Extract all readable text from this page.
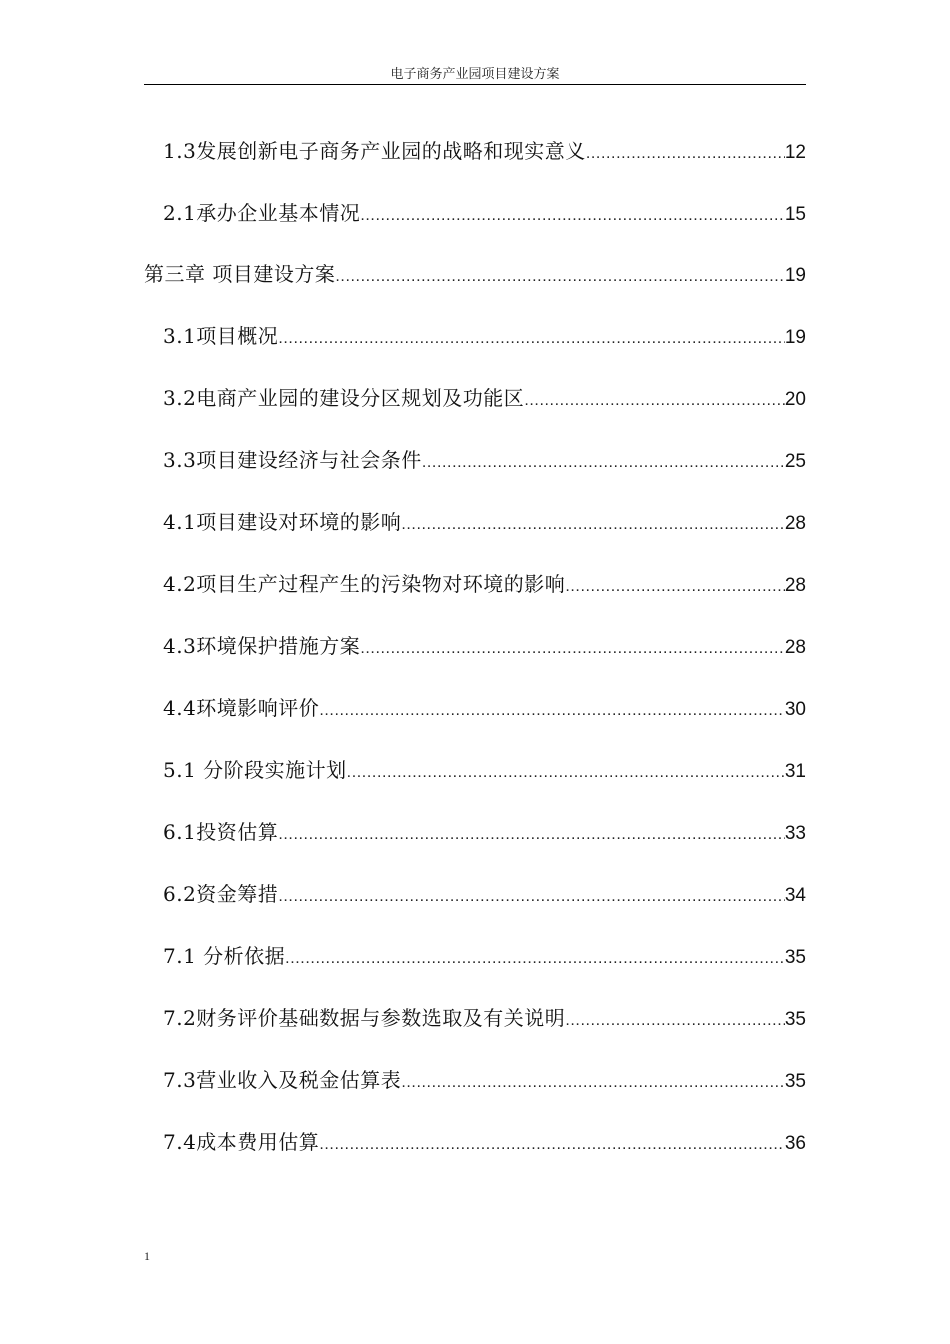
电子商务产业园项目建设方案
1.3发展创新电子商务产业园的战略和现实意义 .....	12
2.1承办企业基本情况 .....	15
第三章 项目建设方案 .....	19
3.1项目概况 .....	19
3.2电商产业园的建设分区规划及功能区 .....	20
3.3项目建设经济与社会条件 .....	25
4.1项目建设对环境的影响 .....	28
4.2项目生产过程产生的污染物对环境的影响 .....	28
4.3环境保护措施方案 .....	28
4.4环境影响评价 .....	30
5.1 分阶段实施计划 .....	31
6.1投资估算 .....	33
6.2资金筹措 .....	34
7.1 分析依据 .....	35
7.2财务评价基础数据与参数选取及有关说明 .....	35
7.3营业收入及税金估算表 .....	35
7.4成本费用估算 .....	36
1
